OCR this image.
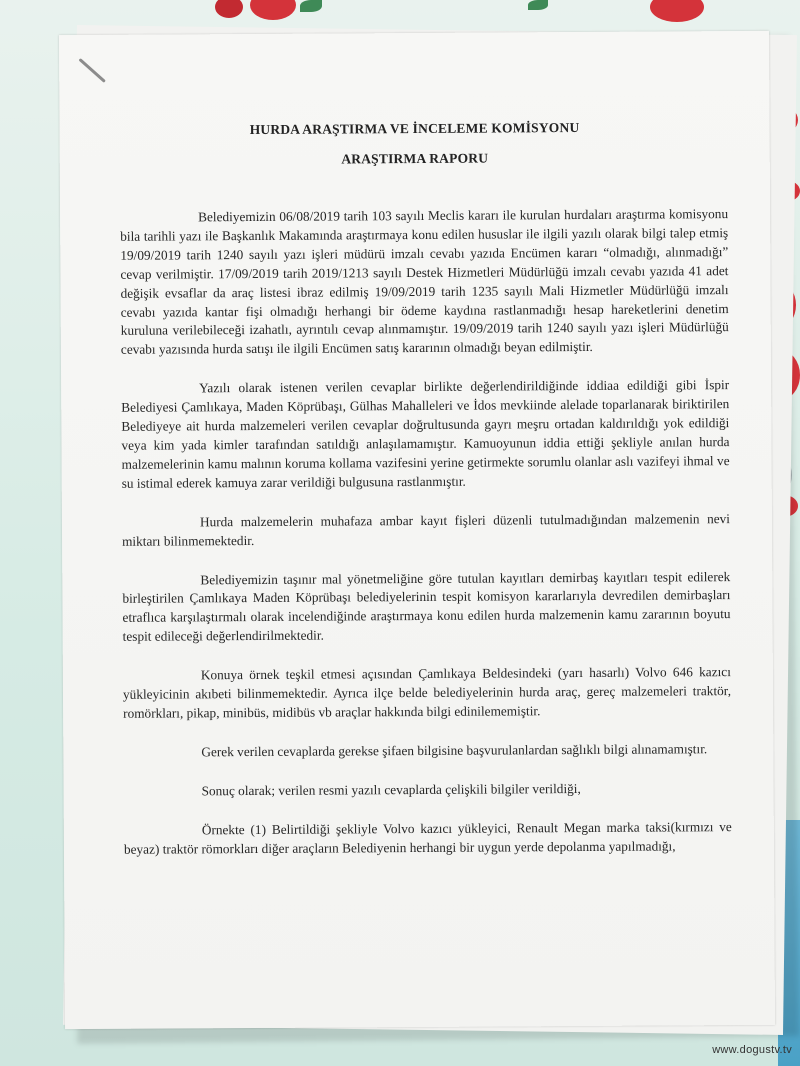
HURDA ARAŞTIRMA VE İNCELEME KOMİSYONU
ARAŞTIRMA RAPORU

Belediyemizin 06/08/2019 tarih 103 sayılı Meclis kararı ile kurulan hurdaları araştırma komisyonu bila tarihli yazı ile Başkanlık Makamında araştırmaya konu edilen hususlar ile ilgili yazılı olarak bilgi talep etmiş 19/09/2019 tarih 1240 sayılı yazı işleri müdürü imzalı cevabı yazıda Encümen kararı “olmadığı, alınmadığı” cevap verilmiştir. 17/09/2019 tarih 2019/1213 sayılı Destek Hizmetleri Müdürlüğü imzalı cevabı yazıda 41 adet değişik evsaflar da araç listesi ibraz edilmiş 19/09/2019 tarih 1235 sayılı Mali Hizmetler Müdürlüğü imzalı cevabı yazıda kantar fişi olmadığı herhangi bir ödeme kaydına rastlanmadığı hesap hareketlerini denetim kuruluna verilebileceği izahatlı, ayrıntılı cevap alınmamıştır. 19/09/2019 tarih 1240 sayılı yazı işleri Müdürlüğü cevabı yazısında hurda satışı ile ilgili Encümen satış kararının olmadığı beyan edilmiştir.

Yazılı olarak istenen verilen cevaplar birlikte değerlendirildiğinde iddiaa edildiği gibi İspir Belediyesi Çamlıkaya, Maden Köprübaşı, Gülhas Mahalleleri ve İdos mevkiinde alelade toparlanarak biriktirilen Belediyeye ait hurda malzemeleri verilen cevaplar doğrultusunda gayrı meşru ortadan kaldırıldığı yok edildiği veya kim yada kimler tarafından satıldığı anlaşılamamıştır. Kamuoyunun iddia ettiği şekliyle anılan hurda malzemelerinin kamu malının koruma kollama vazifesini yerine getirmekte sorumlu olanlar aslı vazifeyi ihmal ve su istimal ederek kamuya zarar verildiği bulgusuna rastlanmıştır.

Hurda malzemelerin muhafaza ambar kayıt fişleri düzenli tutulmadığından malzemenin nevi miktarı bilinmemektedir.

Belediyemizin taşınır mal yönetmeliğine göre tutulan kayıtları demirbaş kayıtları tespit edilerek birleştirilen Çamlıkaya Maden Köprübaşı belediyelerinin tespit komisyon kararlarıyla devredilen demirbaşları etraflıca karşılaştırmalı olarak incelendiğinde araştırmaya konu edilen hurda malzemenin kamu zararının boyutu tespit edileceği değerlendirilmektedir.

Konuya örnek teşkil etmesi açısından Çamlıkaya Beldesindeki (yarı hasarlı) Volvo 646 kazıcı yükleyicinin akıbeti bilinmemektedir. Ayrıca ilçe belde belediyelerinin hurda araç, gereç malzemeleri traktör, romörkları, pikap, minibüs, midibüs vb araçlar hakkında bilgi edinilememiştir.

Gerek verilen cevaplarda gerekse şifaen bilgisine başvurulanlardan sağlıklı bilgi alınamamıştır.

Sonuç olarak; verilen resmi yazılı cevaplarda çelişkili bilgiler verildiği,

Örnekte (1) Belirtildiği şekliyle Volvo kazıcı yükleyici, Renault Megan marka taksi(kırmızı ve beyaz) traktör römorkları diğer araçların Belediyenin herhangi bir uygun yerde depolanma yapılmadığı,

www.dogustv.tv
